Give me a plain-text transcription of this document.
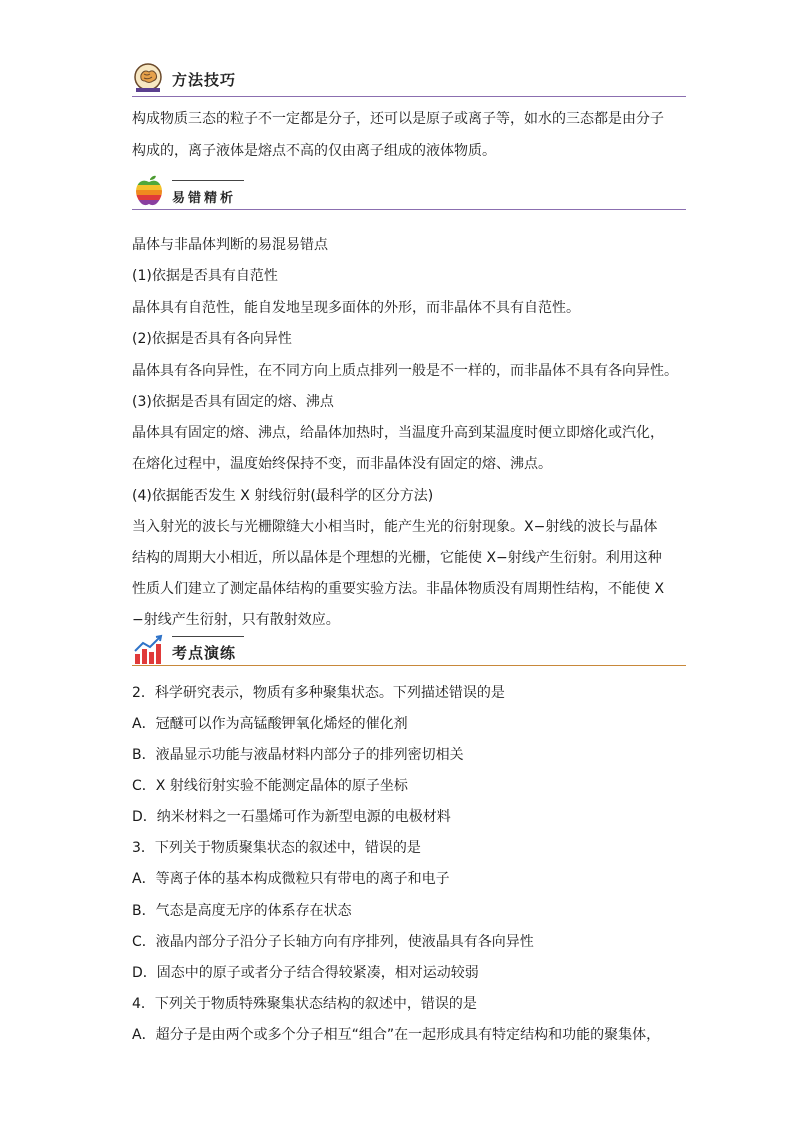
方法技巧
构成物质三态的粒子不一定都是分子，还可以是原子或离子等，如水的三态都是由分子
构成的，离子液体是熔点不高的仅由离子组成的液体物质。
易错精析
晶体与非晶体判断的易混易错点
(1)依据是否具有自范性
晶体具有自范性，能自发地呈现多面体的外形，而非晶体不具有自范性。
(2)依据是否具有各向异性
晶体具有各向异性，在不同方向上质点排列一般是不一样的，而非晶体不具有各向异性。
(3)依据是否具有固定的熔、沸点
晶体具有固定的熔、沸点，给晶体加热时，当温度升高到某温度时便立即熔化或汽化，
在熔化过程中，温度始终保持不变，而非晶体没有固定的熔、沸点。
(4)依据能否发生 X 射线衍射(最科学的区分方法)
当入射光的波长与光栅隙缝大小相当时，能产生光的衍射现象。X−射线的波长与晶体
结构的周期大小相近，所以晶体是个理想的光栅，它能使 X−射线产生衍射。利用这种
性质人们建立了测定晶体结构的重要实验方法。非晶体物质没有周期性结构，不能使 X
−射线产生衍射，只有散射效应。
考点演练
2．科学研究表示，物质有多种聚集状态。下列描述错误的是
A．冠醚可以作为高锰酸钾氧化烯烃的催化剂
B．液晶显示功能与液晶材料内部分子的排列密切相关
C．X 射线衍射实验不能测定晶体的原子坐标
D．纳米材料之一石墨烯可作为新型电源的电极材料
3．下列关于物质聚集状态的叙述中，错误的是
A．等离子体的基本构成微粒只有带电的离子和电子
B．气态是高度无序的体系存在状态
C．液晶内部分子沿分子长轴方向有序排列，使液晶具有各向异性
D．固态中的原子或者分子结合得较紧凑，相对运动较弱
4．下列关于物质特殊聚集状态结构的叙述中，错误的是
A．超分子是由两个或多个分子相互“组合”在一起形成具有特定结构和功能的聚集体，
